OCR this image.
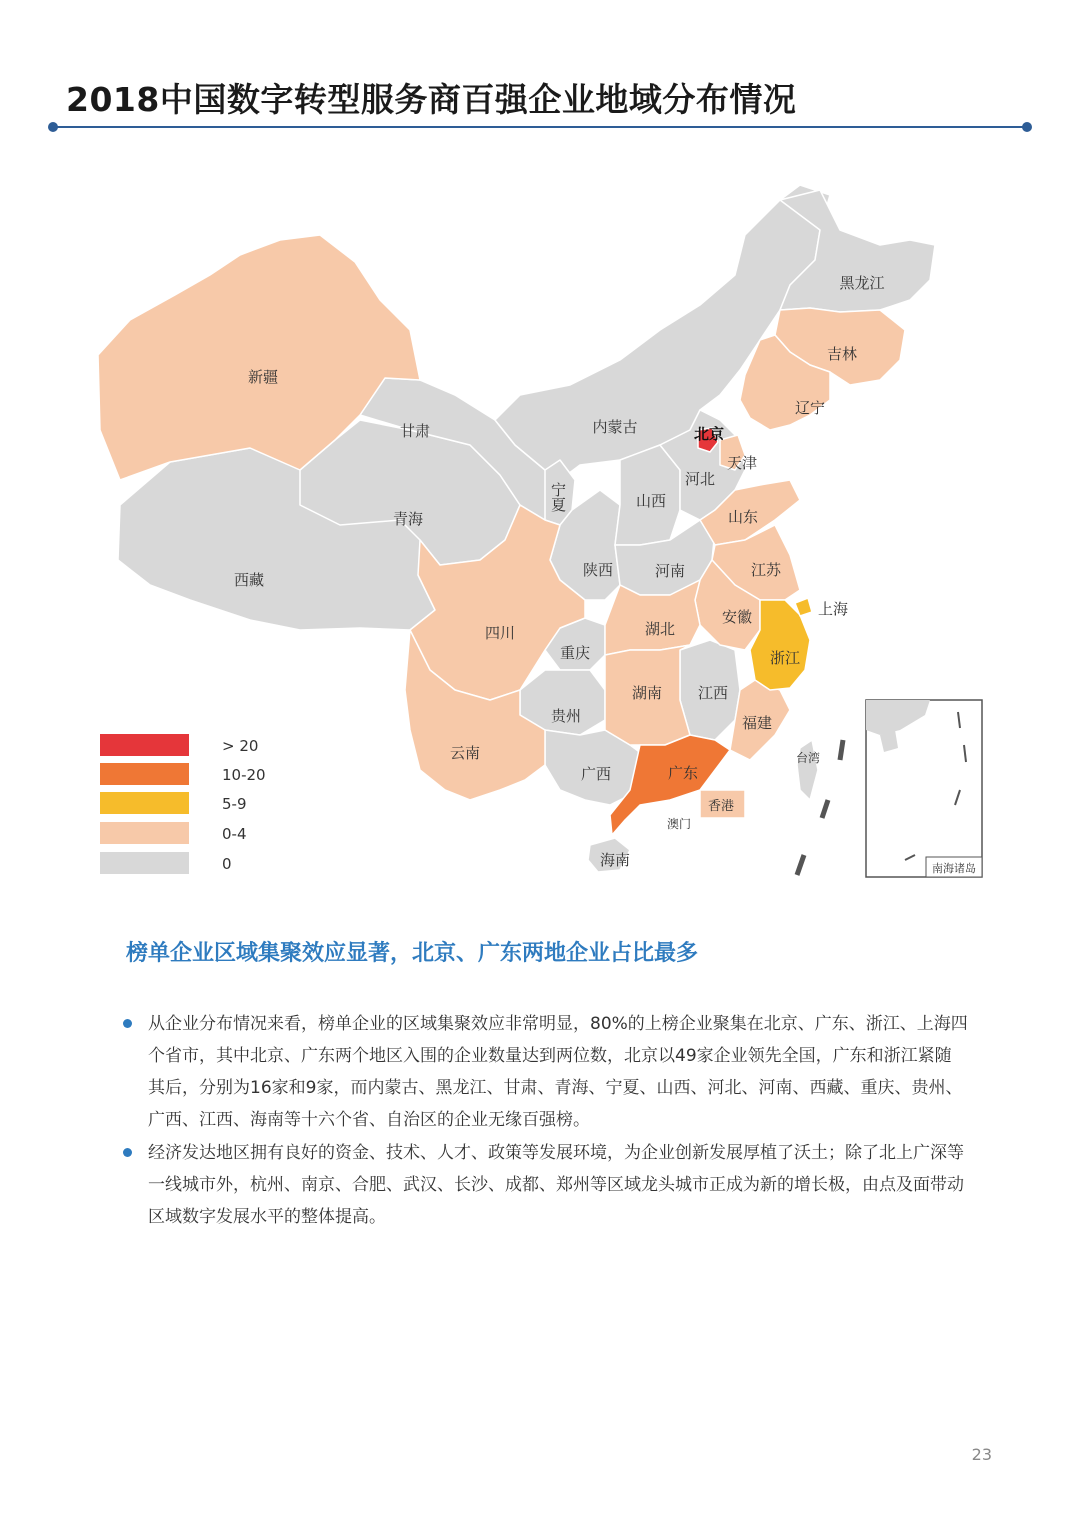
2018中国数字转型服务商百强企业地域分布情况
南海诸岛
新疆
西藏
青海
甘肃	内蒙古
黑龙江
吉林
辽宁
北京
天津
河北
宁夏	山西
山东
陕西	河南	江苏
上海
安徽
四川	湖北
浙江
重庆
湖南 江西
贵州	福建
云南
广西	广东
台湾
香港
澳门
海南
> 20
10-20
5-9
0-4
0
榜单企业区域集聚效应显著，北京、广东两地企业占比最多
从企业分布情况来看，榜单企业的区域集聚效应非常明显，80%的上榜企业聚集在北京、广东、浙江、上海四个省市，其中北京、广东两个地区入围的企业数量达到两位数，北京以49家企业领先全国，广东和浙江紧随其后，分别为16家和9家，而内蒙古、黑龙江、甘肃、青海、宁夏、山西、河北、河南、西藏、重庆、贵州、广西、江西、海南等十六个省、自治区的企业无缘百强榜。
经济发达地区拥有良好的资金、技术、人才、政策等发展环境，为企业创新发展厚植了沃土；除了北上广深等一线城市外，杭州、南京、合肥、武汉、长沙、成都、郑州等区域龙头城市正成为新的增长极，由点及面带动区域数字发展水平的整体提高。
23
